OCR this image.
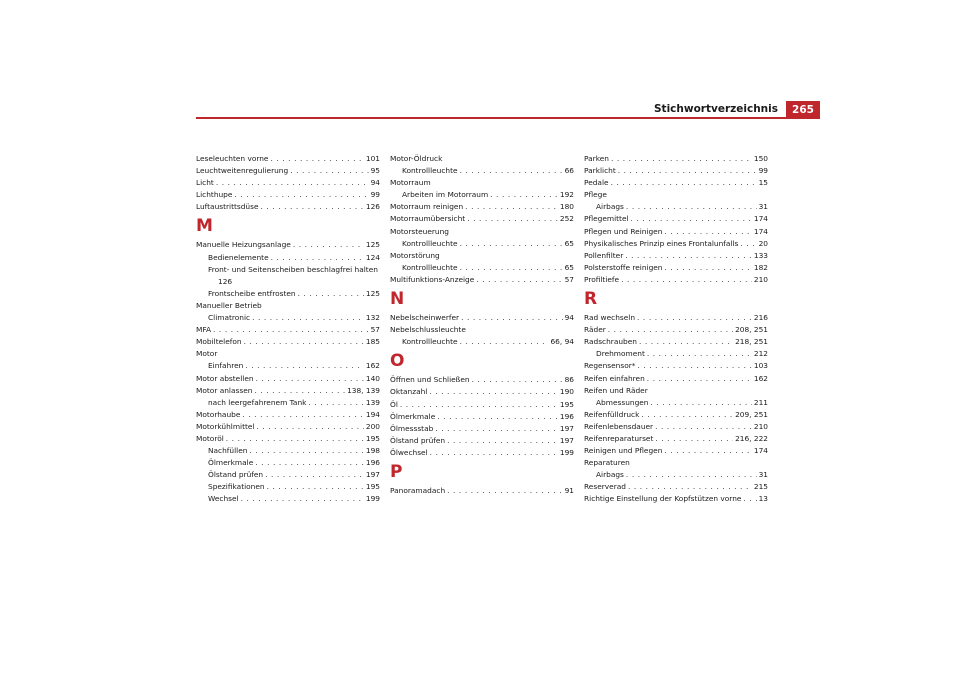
Stichwortverzeichnis	265
Leseleuchten vorne . . .	101
Leuchtweitenregulierung . . .	95
Licht . . .	94
Lichthupe . . .	99
Luftaustrittsdüse . . .	126
M
Manuelle Heizungsanlage . . .	125
Bedienelemente . . .	124
Front- und Seitenscheiben beschlagfrei halten
126
Frontscheibe entfrosten . . .	125
Manueller Betrieb
Climatronic . . .	132
MFA . . .	57
Mobiltelefon . . .	185
Motor
Einfahren . . .	162
Motor abstellen . . .	140
Motor anlassen . . .	138, 139
nach leergefahrenem Tank . . .	139
Motorhaube . . .	194
Motorkühlmittel . . .	200
Motoröl . . .	195
Nachfüllen . . .	198
Ölmerkmale . . .	196
Ölstand prüfen . . .	197
Spezifikationen . . .	195
Wechsel . . .	199
Motor-Öldruck
Kontrollleuchte . . .	66
Motorraum
Arbeiten im Motorraum . . .	192
Motorraum reinigen . . .	180
Motorraumübersicht . . .	252
Motorsteuerung
Kontrollleuchte . . .	65
Motorstörung
Kontrollleuchte . . .	65
Multifunktions-Anzeige . . .	57
N
Nebelscheinwerfer . . .	94
Nebelschlussleuchte
Kontrollleuchte . . .	66, 94
O
Öffnen und Schließen . . .	86
Oktanzahl . . .	190
Öl . . .	195
Ölmerkmale . . .	196
Ölmessstab . . .	197
Ölstand prüfen . . .	197
Ölwechsel . . .	199
P
Panoramadach . . .	91
Parken . . .	150
Parklicht . . .	99
Pedale . . .	15
Pflege
Airbags . . .	31
Pflegemittel . . .	174
Pflegen und Reinigen . . .	174
Physikalisches Prinzip eines Frontalunfalls . . .	20
Pollenfilter . . .	133
Polsterstoffe reinigen . . .	182
Profiltiefe . . .	210
R
Rad wechseln . . .	216
Räder . . .	208, 251
Radschrauben . . .	218, 251
Drehmoment . . .	212
Regensensor* . . .	103
Reifen einfahren . . .	162
Reifen und Räder
Abmessungen . . .	211
Reifenfülldruck . . .	209, 251
Reifenlebensdauer . . .	210
Reifenreparaturset . . .	216, 222
Reinigen und Pflegen . . .	174
Reparaturen
Airbags . . .	31
Reserverad . . .	215
Richtige Einstellung der Kopfstützen vorne . . . 13
